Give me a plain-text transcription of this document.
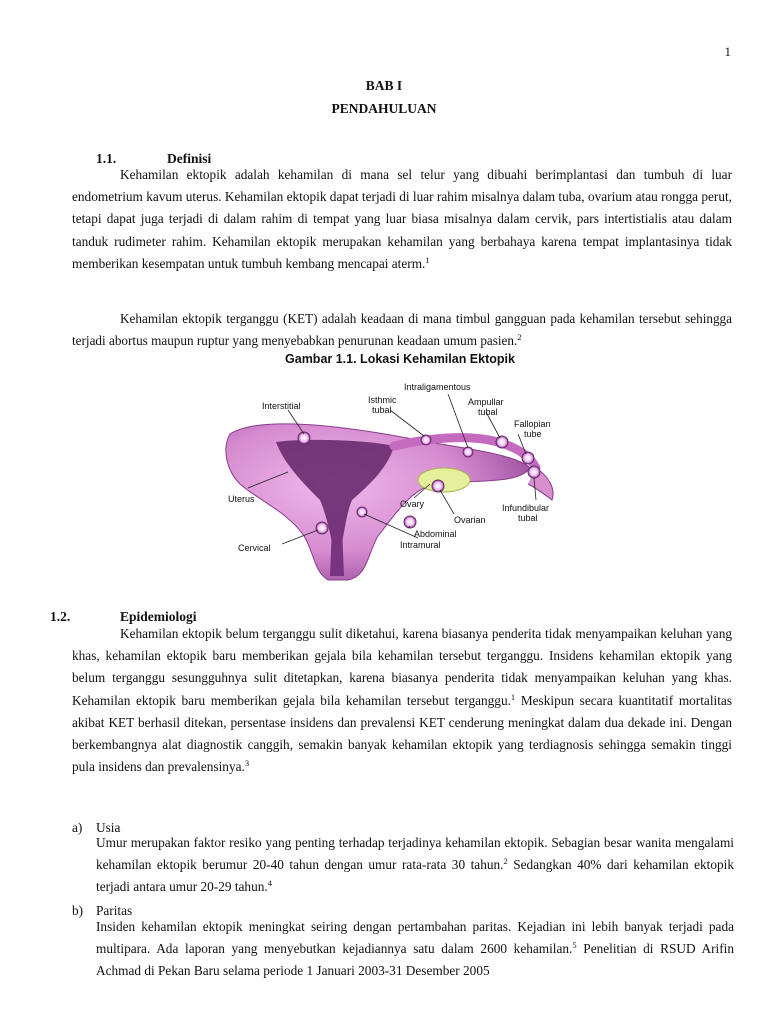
1
BAB I
PENDAHULUAN
1.1.	Definisi

Kehamilan ektopik adalah kehamilan di mana sel telur yang dibuahi berimplantasi dan tumbuh di luar endometrium kavum uterus. Kehamilan ektopik dapat terjadi di luar rahim misalnya dalam tuba, ovarium atau rongga perut, tetapi dapat juga terjadi di dalam rahim di tempat yang luar biasa misalnya dalam cervik, pars intertistialis atau dalam tanduk rudimeter rahim. Kehamilan ektopik merupakan kehamilan yang berbahaya karena tempat implantasinya tidak memberikan kesempatan untuk tumbuh kembang mencapai aterm.$^1$

Kehamilan ektopik terganggu (KET) adalah keadaan di mana timbul gangguan pada kehamilan tersebut sehingga terjadi abortus maupun ruptur yang menyebabkan penurunan keadaan umum pasien.$^2$

Gambar 1.1. Lokasi Kehamilan Ektopik
Interstitial
Isthmic
tubal
Intraligamentous
Ampullar
tubal
Fallopian
tube
Uterus	Ovary
Ovarian
Infundibular
tubal
Abdominal
Intramural
Cervical
1.2.	Epidemiologi

Kehamilan ektopik belum terganggu sulit diketahui, karena biasanya penderita tidak menyampaikan keluhan yang khas, kehamilan ektopik baru memberikan gejala bila kehamilan tersebut terganggu. Insidens kehamilan ektopik yang belum terganggu sesungguhnya sulit ditetapkan, karena biasanya penderita tidak menyampaikan keluhan yang khas. Kehamilan ektopik baru memberikan gejala bila kehamilan tersebut terganggu.$^1$ Meskipun secara kuantitatif mortalitas akibat KET berhasil ditekan, persentase insidens dan prevalensi KET cenderung meningkat dalam dua dekade ini. Dengan berkembangnya alat diagnostik canggih, semakin banyak kehamilan ektopik yang terdiagnosis sehingga semakin tinggi pula insidens dan prevalensinya.$^3$

a) Usia

Umur merupakan faktor resiko yang penting terhadap terjadinya kehamilan ektopik. Sebagian besar wanita mengalami kehamilan ektopik berumur 20-40 tahun dengan umur rata-rata 30 tahun.$^2$ Sedangkan 40% dari kehamilan ektopik terjadi antara umur 20-29 tahun.$^4$

b) Paritas

Insiden kehamilan ektopik meningkat seiring dengan pertambahan paritas. Kejadian ini lebih banyak terjadi pada multipara. Ada laporan yang menyebutkan kejadiannya satu dalam 2600 kehamilan.$^5$ Penelitian di RSUD Arifin Achmad di Pekan Baru selama periode 1 Januari 2003-31 Desember 2005
